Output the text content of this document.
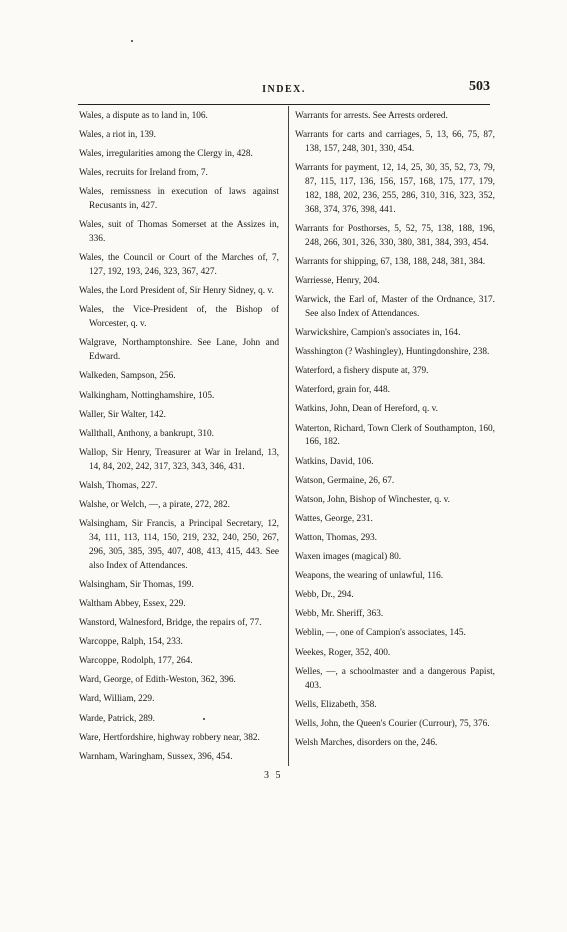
INDEX.	503

Wales, a dispute as to land in, 106.

Wales, a riot in, 139.

Wales, irregularities among the Clergy in, 428.

Wales, recruits for Ireland from, 7.

Wales, remissness in execution of laws against Recusants in, 427.

Wales, suit of Thomas Somerset at the Assizes in, 336.

Wales, the Council or Court of the Marches of, 7, 127, 192, 193, 246, 323, 367, 427.

Wales, the Lord President of, Sir Henry Sidney, q. v.

Wales, the Vice-President of, the Bishop of Worcester, q. v.

Walgrave, Northamptonshire. See Lane, John and Edward.

Walkeden, Sampson, 256.

Walkingham, Nottinghamshire, 105.

Waller, Sir Walter, 142.

Wallthall, Anthony, a bankrupt, 310.

Wallop, Sir Henry, Treasurer at War in Ireland, 13, 14, 84, 202, 242, 317, 323, 343, 346, 431.

Walsh, Thomas, 227.

Walshe, or Welch, —, a pirate, 272, 282.

Walsingham, Sir Francis, a Principal Secretary, 12, 34, 111, 113, 114, 150, 219, 232, 240, 250, 267, 296, 305, 385, 395, 407, 408, 413, 415, 443. See also Index of Attendances.

Walsingham, Sir Thomas, 199.

Waltham Abbey, Essex, 229.

Wanstord, Walnesford, Bridge, the repairs of, 77.

Warcoppe, Ralph, 154, 233.

Warcoppe, Rodolph, 177, 264.

Ward, George, of Edith-Weston, 362, 396.

Ward, William, 229.

Warde, Patrick, 289.

Ware, Hertfordshire, highway robbery near, 382.

Warnham, Waringham, Sussex, 396, 454.

Warrants for arrests. See Arrests ordered.

Warrants for carts and carriages, 5, 13, 66, 75, 87, 138, 157, 248, 301, 330, 454.

Warrants for payment, 12, 14, 25, 30, 35, 52, 73, 79, 87, 115, 117, 136, 156, 157, 168, 175, 177, 179, 182, 188, 202, 236, 255, 286, 310, 316, 323, 352, 368, 374, 376, 398, 441.

Warrants for Posthorses, 5, 52, 75, 138, 188, 196, 248, 266, 301, 326, 330, 380, 381, 384, 393, 454.

Warrants for shipping, 67, 138, 188, 248, 381, 384.

Warriesse, Henry, 204.

Warwick, the Earl of, Master of the Ordnance, 317. See also Index of Attendances.

Warwickshire, Campion's associates in, 164.

Wasshington (? Washingley), Huntingdonshire, 238.

Waterford, a fishery dispute at, 379.

Waterford, grain for, 448.

Watkins, John, Dean of Hereford, q. v.

Waterton, Richard, Town Clerk of Southampton, 160, 166, 182.

Watkins, David, 106.

Watson, Germaine, 26, 67.

Watson, John, Bishop of Winchester, q. v.

Wattes, George, 231.

Watton, Thomas, 293.

Waxen images (magical) 80.

Weapons, the wearing of unlawful, 116.

Webb, Dr., 294.

Webb, Mr. Sheriff, 363.

Weblin, —, one of Campion's associates, 145.

Weekes, Roger, 352, 400.

Welles, —, a schoolmaster and a dangerous Papist, 403.

Wells, Elizabeth, 358.

Wells, John, the Queen's Courier (Currour), 75, 376.

Welsh Marches, disorders on the, 246.

3 5
